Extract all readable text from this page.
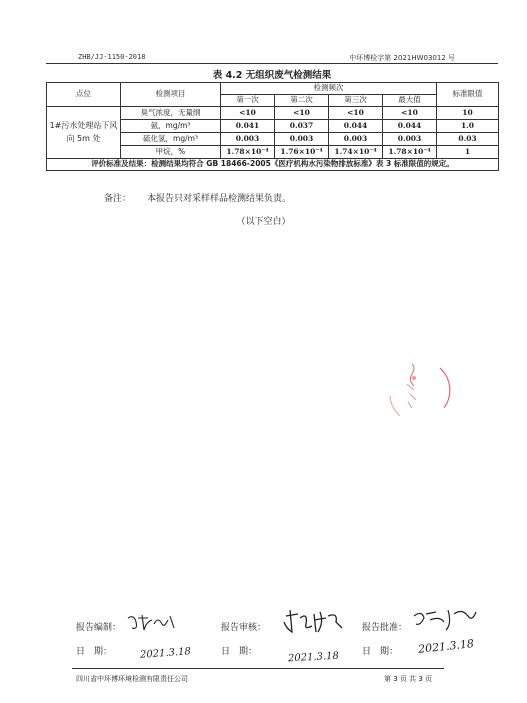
ZHB/JJ-1150-2018	中环博检字第 2021HW03012 号
表 4.2 无组织废气检测结果
点位	检测项目	检测频次				标准限值
		第一次	第二次	第三次	最大值	
1#污水处理站下风向 5m 处	臭气浓度，无量纲	<10	<10	<10	<10	10
	氨，mg/m³	0.041	0.037	0.044	0.044	1.0
	硫化氢，mg/m³	0.003	0.003	0.003	0.003	0.03
	甲烷，%	1.78×10⁻⁴	1.76×10⁻⁴	1.74×10⁻⁴	1.78×10⁻⁴	1
评价标准及结果：检测结果均符合 GB 18466-2005《医疗机构水污染物排放标准》表 3 标准限值的规定。						
备注： 本报告只对采样样品检测结果负责。
（以下空白）
报告编制：	报告审核：	报告批准：
日　期：	日　期：	日　期：
2021.3.18	2021.3.18
2021.3.18
四川省中环博环境检测有限责任公司	第 3 页 共 3 页
